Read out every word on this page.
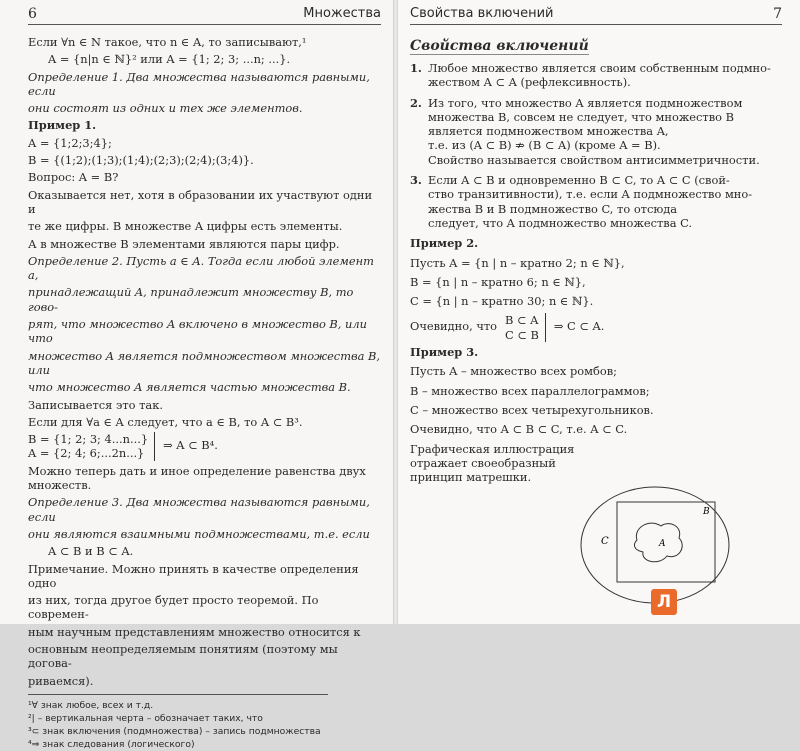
6	Множества

Если ∀n ∈ N такое, что n ∈ A, то записывают,¹

A = {n|n ∈ ℕ}² или A = {1; 2; 3; ...n; ...}.

Определение 1. Два множества называются равными, если

они состоят из одних и тех же элементов.

Пример 1.

A = {1;2;3;4};

B = {(1;2);(1;3);(1;4);(2;3);(2;4);(3;4)}.

Вопрос: A = B?

Оказывается нет, хотя в образовании их участвуют одни и

те же цифры. В множестве A цифры есть элементы.

А в множестве B элементами являются пары цифр.

Определение 2. Пусть a ∈ A. Тогда если любой элемент a,

принадлежащий A, принадлежит множеству B, то гово-

рят, что множество A включено в множество B, или что

множество A является подмножеством множества B, или

что множество A является частью множества B.

Записывается это так.

Если для ∀a ∈ A следует, что a ∈ B, то A ⊂ B³.

B = {1; 2; 3; 4...n...}

A = {2; 4; 6;...2n...}

⇒ A ⊂ B⁴.

Можно теперь дать и иное определение равенства двух множеств.

Определение 3. Два множества называются равными, если

они являются взаимными подмножествами, т.е. если

A ⊂ B и B ⊂ A.

Примечание. Можно принять в качестве определения одно

из них, тогда другое будет просто теоремой. По современ-

ным научным представлениям множество относится к

основным неопределяемым понятиям (поэтому мы догова-

риваемся).

¹∀ знак любое, всех и т.д.

²| – вертикальная черта – обозначает таких, что

³⊂ знак включения (подмножества) – запись подмножества

⁴⇒ знак следования (логического)

Свойства включений	7
Свойства включений
1. Любое множество является своим собственным подмно-

жеством A ⊂ A (рефлексивность).

2. Из того, что множество A является подмножеством

множества B, совсем не следует, что множество B

является подмножеством множества A,

т.е. из (A ⊂ B) ⇏ (B ⊂ A) (кроме A = B).

Свойство называется свойством антисимметричности.

3. Если A ⊂ B и одновременно B ⊂ C, то A ⊂ C (свой-

ство транзитивности), т.е. если A подмножество мно-

жества B и B подмножество C, то отсюда

следует, что A подмножество множества C.

Пример 2.

Пусть A = {n | n – кратно 2; n ∈ ℕ},

B = {n | n – кратно 6; n ∈ ℕ},

C = {n | n – кратно 30; n ∈ ℕ}.

Очевидно, что B ⊂ A

C ⊂ B

⇒ C ⊂ A.

Пример 3.

Пусть A – множество всех ромбов;

B – множество всех параллелограммов;

C – множество всех четырехугольников.

Очевидно, что A ⊂ B ⊂ C, т.е. A ⊂ C.

Графическая иллюстрация

отражает своеобразный

принцип матрешки.

C
B
A
Л
